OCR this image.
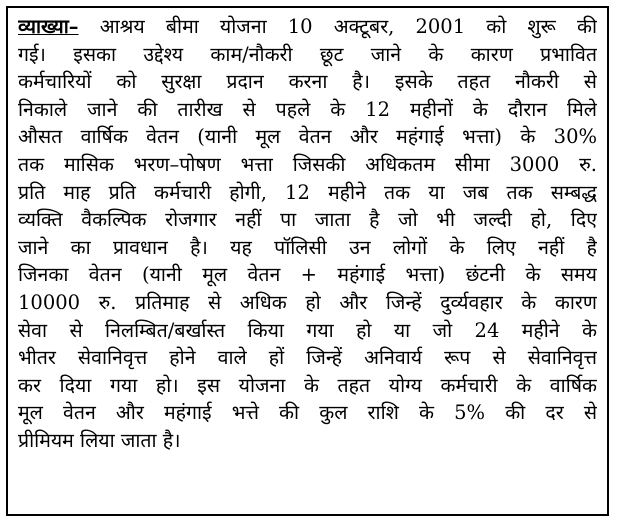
व्याख्या– आश्रय बीमा योजना 10 अक्टूबर, 2001 को शुरू की
गई। इसका उद्देश्य काम/नौकरी छूट जाने के कारण प्रभावित
कर्मचारियों को सुरक्षा प्रदान करना है। इसके तहत नौकरी से
निकाले जाने की तारीख से पहले के 12 महीनों के दौरान मिले
औसत वार्षिक वेतन (यानी मूल वेतन और महंगाई भत्ता) के 30%
तक मासिक भरण–पोषण भत्ता जिसकी अधिकतम सीमा 3000 रु.
प्रति माह प्रति कर्मचारी होगी, 12 महीने तक या जब तक सम्बद्ध
व्यक्ति वैकल्पिक रोजगार नहीं पा जाता है जो भी जल्दी हो, दिए
जाने का प्रावधान है। यह पॉलिसी उन लोगों के लिए नहीं है
जिनका वेतन (यानी मूल वेतन + महंगाई भत्ता) छंटनी के समय
10000 रु. प्रतिमाह से अधिक हो और जिन्हें दुर्व्यवहार के कारण
सेवा से निलम्बित/बर्खास्त किया गया हो या जो 24 महीने के
भीतर सेवानिवृत्त होने वाले हों जिन्हें अनिवार्य रूप से सेवानिवृत्त
कर दिया गया हो। इस योजना के तहत योग्य कर्मचारी के वार्षिक
मूल वेतन और महंगाई भत्ते की कुल राशि के 5% की दर से
प्रीमियम लिया जाता है।
